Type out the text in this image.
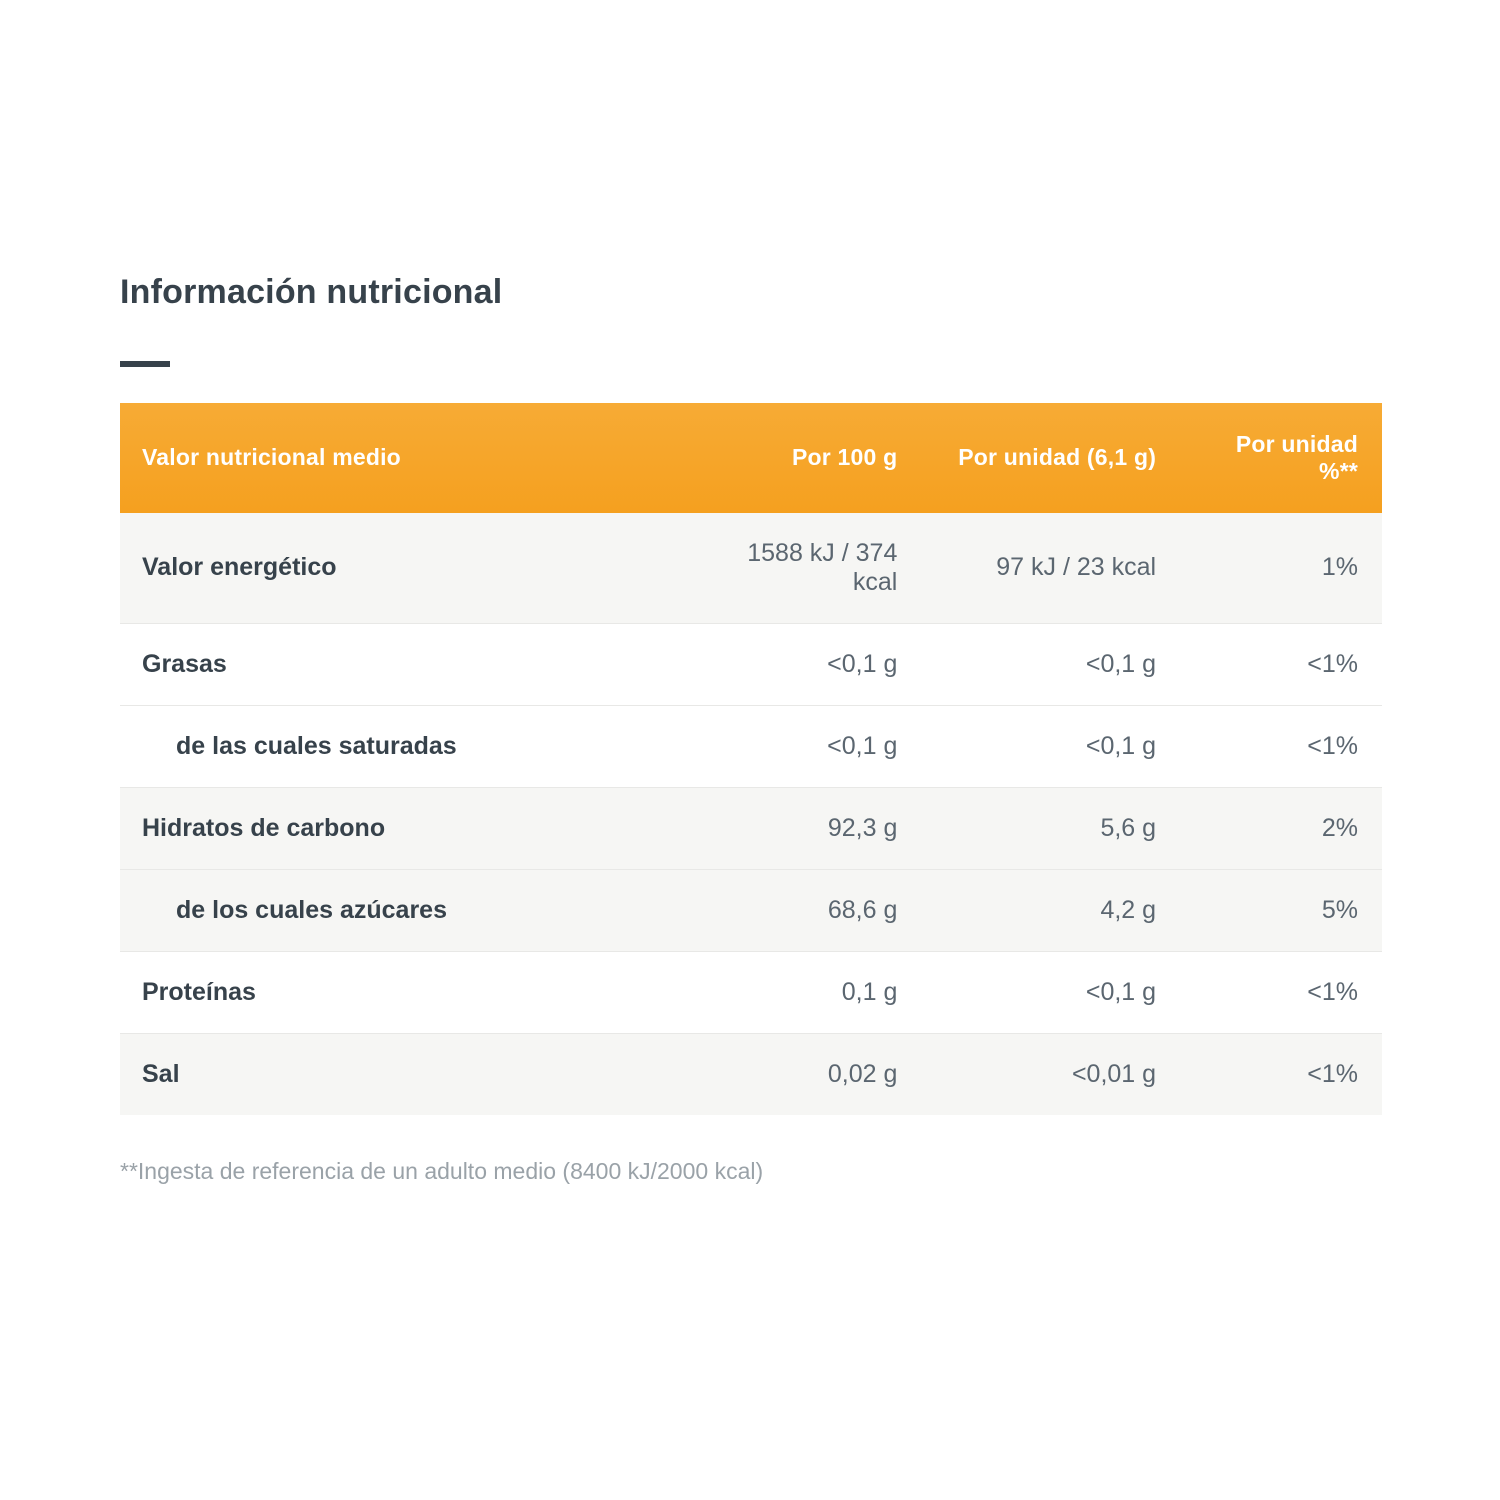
Información nutricional
Valor nutricional medio	Por 100 g	Por unidad (6,1 g)	Por unidad %**
Valor energético	1588 kJ / 374 kcal	97 kJ / 23 kcal	1%
Grasas	<0,1 g	<0,1 g	<1%
de las cuales saturadas	<0,1 g	<0,1 g	<1%
Hidratos de carbono	92,3 g	5,6 g	2%
de los cuales azúcares	68,6 g	4,2 g	5%
Proteínas	0,1 g	<0,1 g	<1%
Sal	0,02 g	<0,01 g	<1%
**Ingesta de referencia de un adulto medio (8400 kJ/2000 kcal)
